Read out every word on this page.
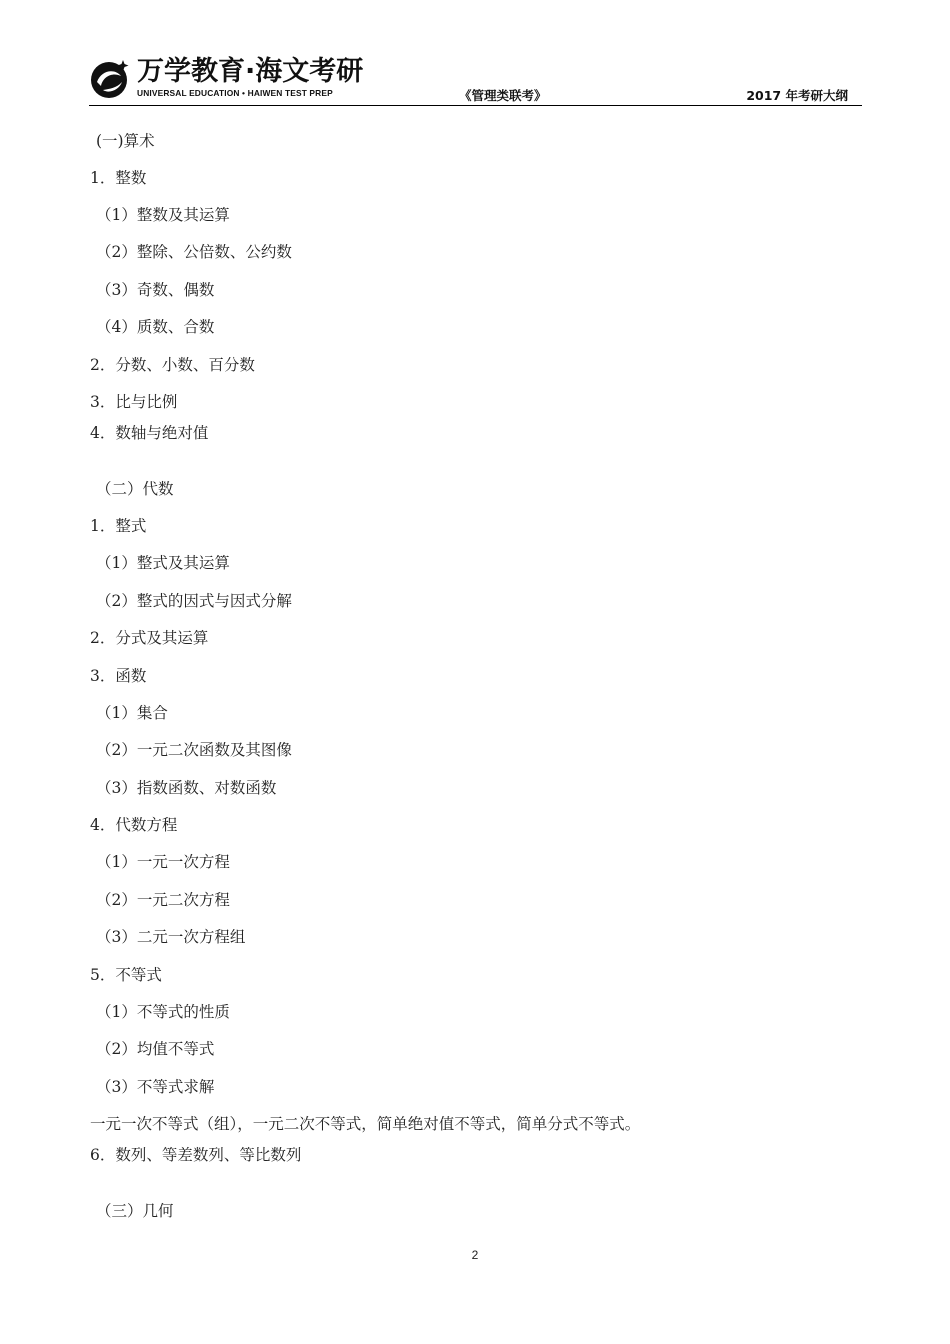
万学教育·海文考研
UNIVERSAL EDUCATION • HAIWEN TEST PREP	《管理类联考》	2017 年考研大纲
(一)算术
1．整数
（1）整数及其运算
（2）整除、公倍数、公约数
（3）奇数、偶数
（4）质数、合数
2．分数、小数、百分数
3．比与比例
4．数轴与绝对值
（二）代数
1．整式
（1）整式及其运算
（2）整式的因式与因式分解
2．分式及其运算
3．函数
（1）集合
（2）一元二次函数及其图像
（3）指数函数、对数函数
4．代数方程
（1）一元一次方程
（2）一元二次方程
（3）二元一次方程组
5．不等式
（1）不等式的性质
（2）均值不等式
（3）不等式求解
一元一次不等式（组），一元二次不等式，简单绝对值不等式，简单分式不等式。
6．数列、等差数列、等比数列
（三）几何
2
